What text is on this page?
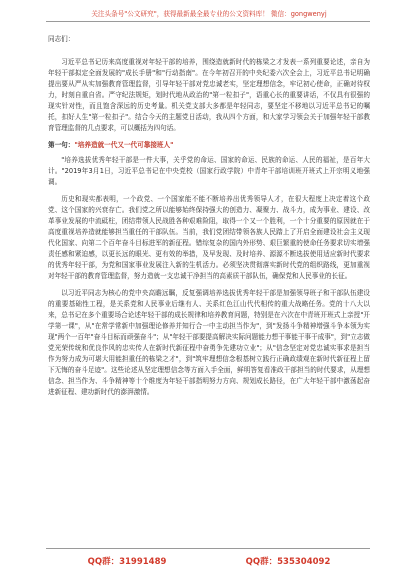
关注头条号"公文研究"，获得最新最全最专业的公文资料库！ 微信：gongwenyj
同志们：

习近平总书记历来高度重视对年轻干部的培养，围绕造就新时代的栋梁之才发表一系列重要论述，亲自为年轻干部拟定全面发展的"成长手册"和"行动指南"。在今年初召开的中央纪委六次全会上，习近平总书记明确提出要从严从实加强教育管理监督，引导年轻干部对党忠诚老实，坚定理想信念，牢记初心使命，正确对待权力，时刻自重自省。严守纪法规矩，划时代地从政治的"第一粒扣子"，语重心长的重要讲话，不仅具有很强的现实针对性，而且饱含深远的历史考量。机关党支部大多都是年轻同志，要坚定不移地以习近平总书记的嘱托，扣好人生"第一粒扣子"。结合今天的主题党日活动，我从四个方面，和大家学习领会关于加强年轻干部教育管理监督的几点要求，可以概括为四句话。

第一句："培养造就一代又一代可靠接班人"

"培养选拔优秀年轻干部是一件大事，关乎党的命运、国家的命运、民族的命运、人民的福祉，是百年大计。"2019年3月1日，习近平总书记在中央党校（国家行政学院）中青年干部培训班开班式上开宗明义地强调。

历史和现实都表明，一个政党、一个国家能不能不断培养出优秀领导人才，在很大程度上决定着这个政党、这个国家的兴衰存亡。我们党之所以能够始终保持强大的创造力、凝聚力、战斗力，成为事业、建设、改革事业发展的中流砥柱，团结带领人民战胜各种艰难险阻，取得一个又一个胜利，一个十分重要的原因就在于高度重视培养造就能够担当重任的干部队伍。当前，我们党团结带领各族人民踏上了开启全面建设社会主义现代化国家、向第二个百年奋斗目标进军的新征程。错综复杂的国内外形势、艰巨繁重的使命任务要求切实增强责任感和紧迫感，以更长远的眼光、更有效的举措，及早发现、及时培养、源源不断选拔使用适应新时代要求的优秀年轻干部，为党和国家事业发展注入新的生机活力。必须坚决贯彻落实新时代党的组织路线，更加重视对年轻干部的教育管理监督，努力造就一支忠诚干净担当的高素质干部队伍，确保党和人民事业的长征。

以习近平同志为核心的党中央高瞻远瞩，反复强调培养选拔优秀年轻干部是加强领导班子和干部队伍建设的重要基础性工程，是关系党和人民事业后继有人、关系红色江山代代相传的重大战略任务。党的十八大以来，总书记在多个重要场合论述年轻干部的成长规律和培养教育问题，特别是在六次在中青班开班式上亲授"开学第一课"，从"在常学常新中加强理论修养并知行合一中主动担当作为"，到"发扬斗争精神增强斗争本领为实现"两个一百年"奋斗目标而顽强奋斗"；从"年轻干部要提高解决实际问题能力想干事能干事干成事"，到"立志做党光荣传统和优良作风的忠实传人在新时代新征程中奋勇争先建功立业"；从"信念坚定对党忠诚实事求是担当作为努力成为可堪大用能担重任的栋梁之才"，到"筑牢理想信念根基树立践行正确政绩观在新时代新征程上留下无悔的奋斗足迹"。这些论述从坚定理想信念等方面入手全面，鲜明答复看准政干部担当的时代要求，从理想信念、担当作为、斗争精神等十个维度为年轻干部指明努力方向、规划成长路径，在广大年轻干部中激荡起奋进新征程、建功新时代的澎湃激情。

QQ群：31991489	QQ群：535304092
